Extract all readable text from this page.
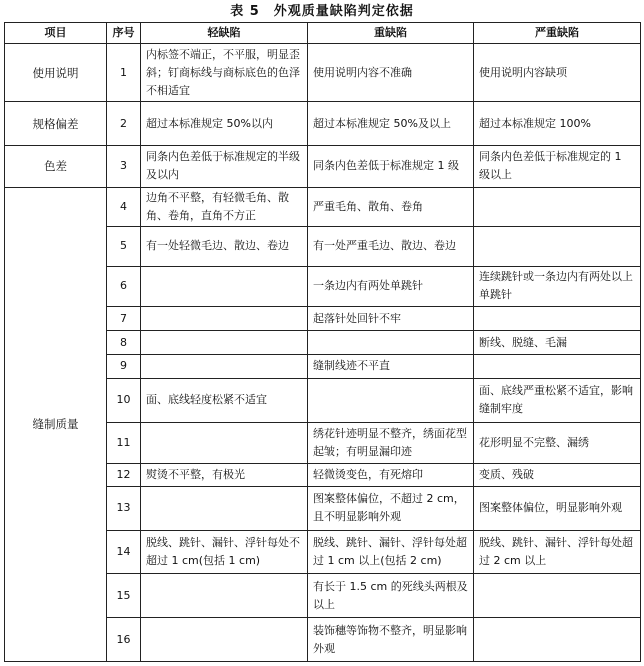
表 5　外观质量缺陷判定依据
项目	序号	轻缺陷	重缺陷	严重缺陷
使用说明	1	内标签不端正，不平服，明显歪斜；钉商标线与商标底色的色泽不相适宜	使用说明内容不准确	使用说明内容缺项
规格偏差	2	超过本标准规定 50%以内	超过本标准规定 50%及以上	超过本标准规定 100%
色差	3	同条内色差低于标准规定的半级及以内	同条内色差低于标准规定 1 级	同条内色差低于标准规定的 1 级以上
缝制质量	4	边角不平整，有轻微毛角、散角、卷角，直角不方正	严重毛角、散角、卷角	
	5	有一处轻微毛边、散边、卷边	有一处严重毛边、散边、卷边	
	6		一条边内有两处单跳针	连续跳针或一条边内有两处以上单跳针
	7		起落针处回针不牢	
	8			断线、脱缝、毛漏
	9		缝制线迹不平直	
	10	面、底线轻度松紧不适宜		面、底线严重松紧不适宜，影响缝制牢度
	11		绣花针迹明显不整齐，绣面花型起皱；有明显漏印迹	花形明显不完整、漏绣
	12	熨烫不平整，有极光	轻微烫变色，有死熔印	变质、残破
	13		图案整体偏位，不超过 2 cm，且不明显影响外观	图案整体偏位，明显影响外观
	14	脱线、跳针、漏针、浮针每处不超过 1 cm(包括 1 cm)	脱线、跳针、漏针、浮针每处超过 1 cm 以上(包括 2 cm)	脱线、跳针、漏针、浮针每处超过 2 cm 以上
	15		有长于 1.5 cm 的死线头两根及以上	
	16		装饰穗等饰物不整齐，明显影响外观	
